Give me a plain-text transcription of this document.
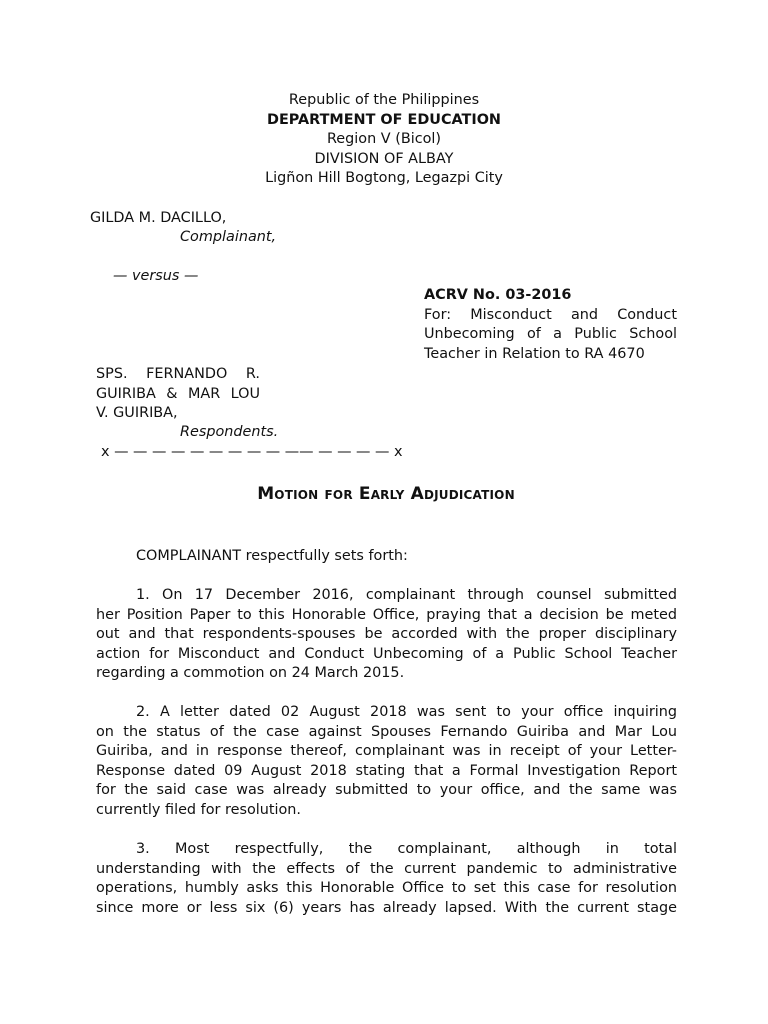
Republic of the Philippines
DEPARTMENT OF EDUCATION
Region V (Bicol)
DIVISION OF ALBAY
Ligñon Hill Bogtong, Legazpi City
GILDA M. DACILLO,
Complainant,
— versus —
ACRV No. 03-2016
For: Misconduct and Conduct
Unbecoming of a Public School
Teacher in Relation to RA 4670
SPS. FERNANDO R.
GUIRIBA & MAR LOU
V. GUIRIBA,
Respondents.
x — — — — — — — — — —— — — — — x
Motion for Early Adjudication
COMPLAINANT respectfully sets forth:
1. On 17 December 2016, complainant through counsel submitted
her Position Paper to this Honorable Office, praying that a decision be meted
out and that respondents-spouses be accorded with the proper disciplinary
action for Misconduct and Conduct Unbecoming of a Public School Teacher
regarding a commotion on 24 March 2015.
2. A letter dated 02 August 2018 was sent to your office inquiring
on the status of the case against Spouses Fernando Guiriba and Mar Lou
Guiriba, and in response thereof, complainant was in receipt of your Letter-
Response dated 09 August 2018 stating that a Formal Investigation Report
for the said case was already submitted to your office, and the same was
currently filed for resolution.
3. Most respectfully, the complainant, although in total
understanding with the effects of the current pandemic to administrative
operations, humbly asks this Honorable Office to set this case for resolution
since more or less six (6) years has already lapsed. With the current stage
